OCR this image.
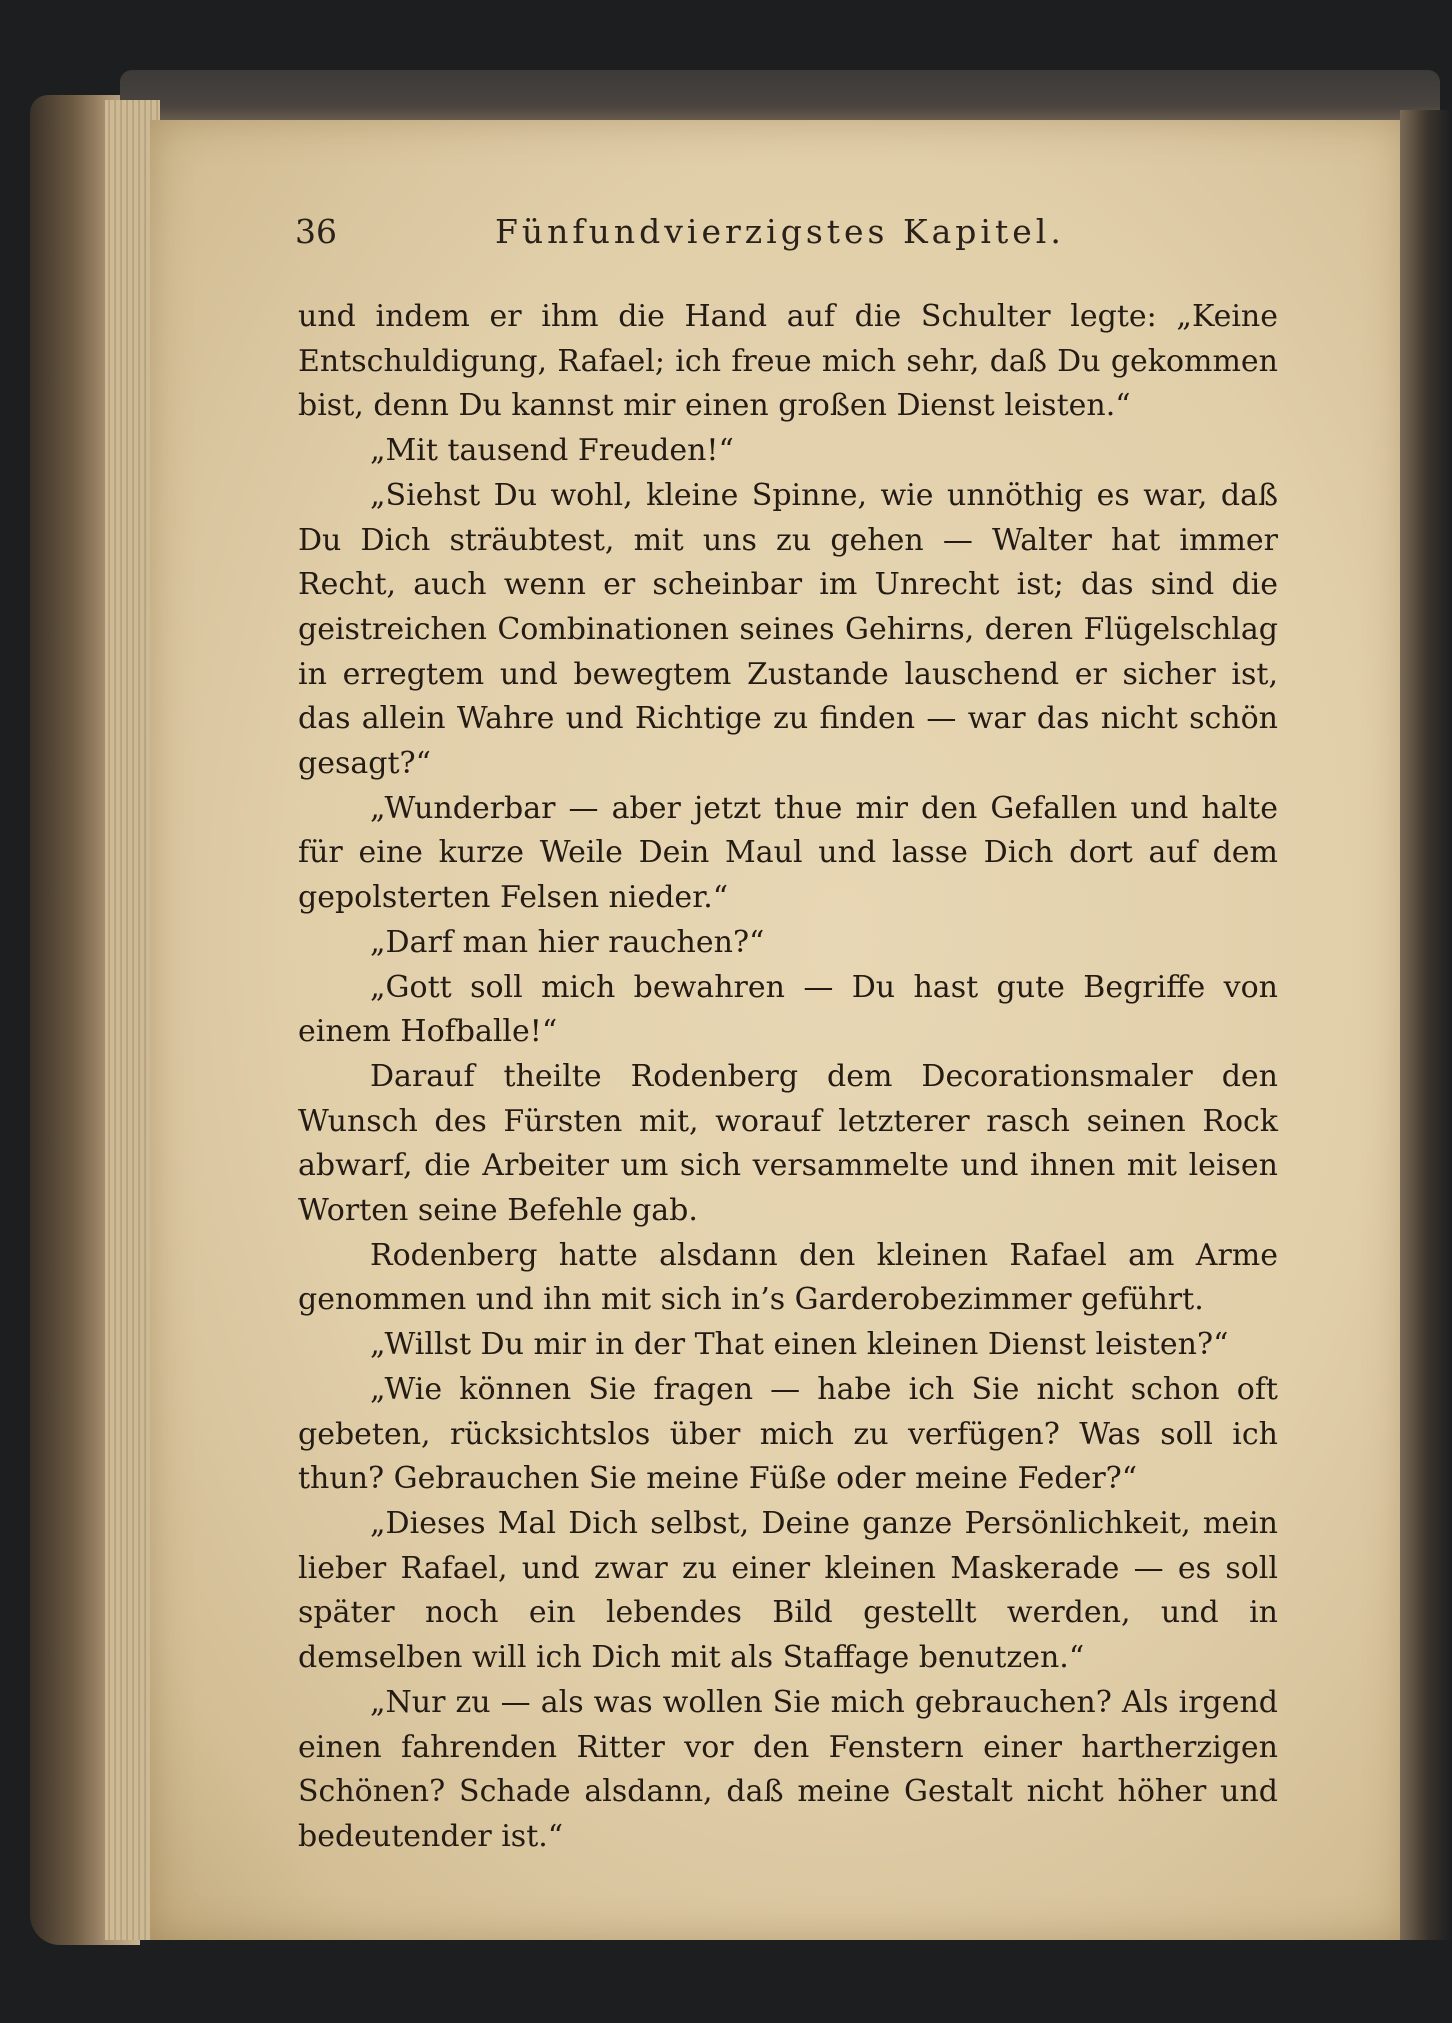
36	Fünfundvierzigstes Kapitel.

und indem er ihm die Hand auf die Schulter legte: „Keine Entschuldigung, Rafael; ich freue mich sehr, daß Du gekommen bist, denn Du kannst mir einen großen Dienst leisten.“

„Mit tausend Freuden!“

„Siehst Du wohl, kleine Spinne, wie unnöthig es war, daß Du Dich sträubtest, mit uns zu gehen — Walter hat immer Recht, auch wenn er scheinbar im Unrecht ist; das sind die geistreichen Combinationen seines Gehirns, deren Flügelschlag in erregtem und bewegtem Zustande lauschend er sicher ist, das allein Wahre und Richtige zu finden — war das nicht schön gesagt?“

„Wunderbar — aber jetzt thue mir den Gefallen und halte für eine kurze Weile Dein Maul und lasse Dich dort auf dem gepolsterten Felsen nieder.“

„Darf man hier rauchen?“

„Gott soll mich bewahren — Du hast gute Begriffe von einem Hofballe!“

Darauf theilte Rodenberg dem Decorationsmaler den Wunsch des Fürsten mit, worauf letzterer rasch seinen Rock abwarf, die Arbeiter um sich versammelte und ihnen mit leisen Worten seine Befehle gab.

Rodenberg hatte alsdann den kleinen Rafael am Arme genommen und ihn mit sich in’s Garderobezimmer geführt.

„Willst Du mir in der That einen kleinen Dienst leisten?“

„Wie können Sie fragen — habe ich Sie nicht schon oft gebeten, rücksichtslos über mich zu verfügen? Was soll ich thun? Gebrauchen Sie meine Füße oder meine Feder?“

„Dieses Mal Dich selbst, Deine ganze Persönlichkeit, mein lieber Rafael, und zwar zu einer kleinen Maskerade — es soll später noch ein lebendes Bild gestellt werden, und in demselben will ich Dich mit als Staffage benutzen.“

„Nur zu — als was wollen Sie mich gebrauchen? Als irgend einen fahrenden Ritter vor den Fenstern einer hartherzigen Schönen? Schade alsdann, daß meine Gestalt nicht höher und bedeutender ist.“
